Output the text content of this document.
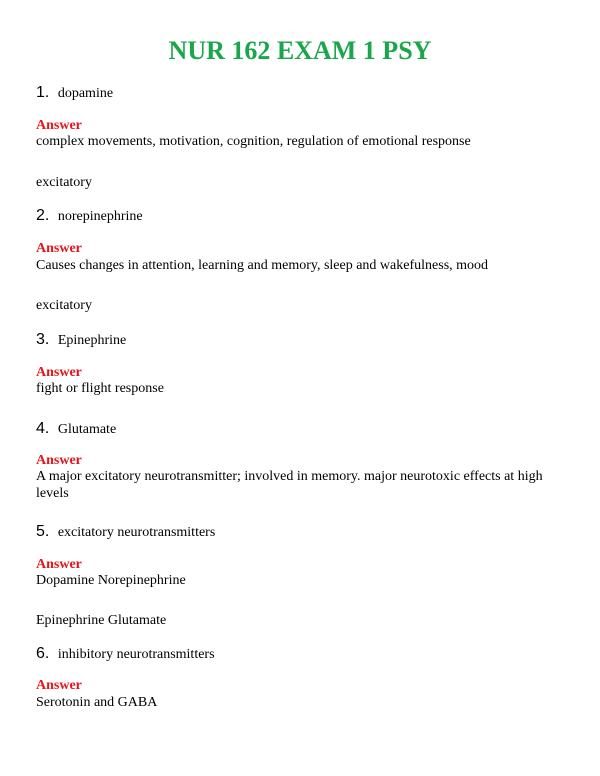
NUR 162 EXAM 1 PSY
1. dopamine
Answer
complex movements, motivation, cognition, regulation of emotional response
excitatory
2. norepinephrine
Answer
Causes changes in attention, learning and memory, sleep and wakefulness, mood
excitatory
3. Epinephrine
Answer
fight or flight response
4. Glutamate
Answer
A major excitatory neurotransmitter; involved in memory. major neurotoxic effects at high levels
5. excitatory neurotransmitters
Answer
Dopamine Norepinephrine
Epinephrine Glutamate
6. inhibitory neurotransmitters
Answer
Serotonin and GABA
